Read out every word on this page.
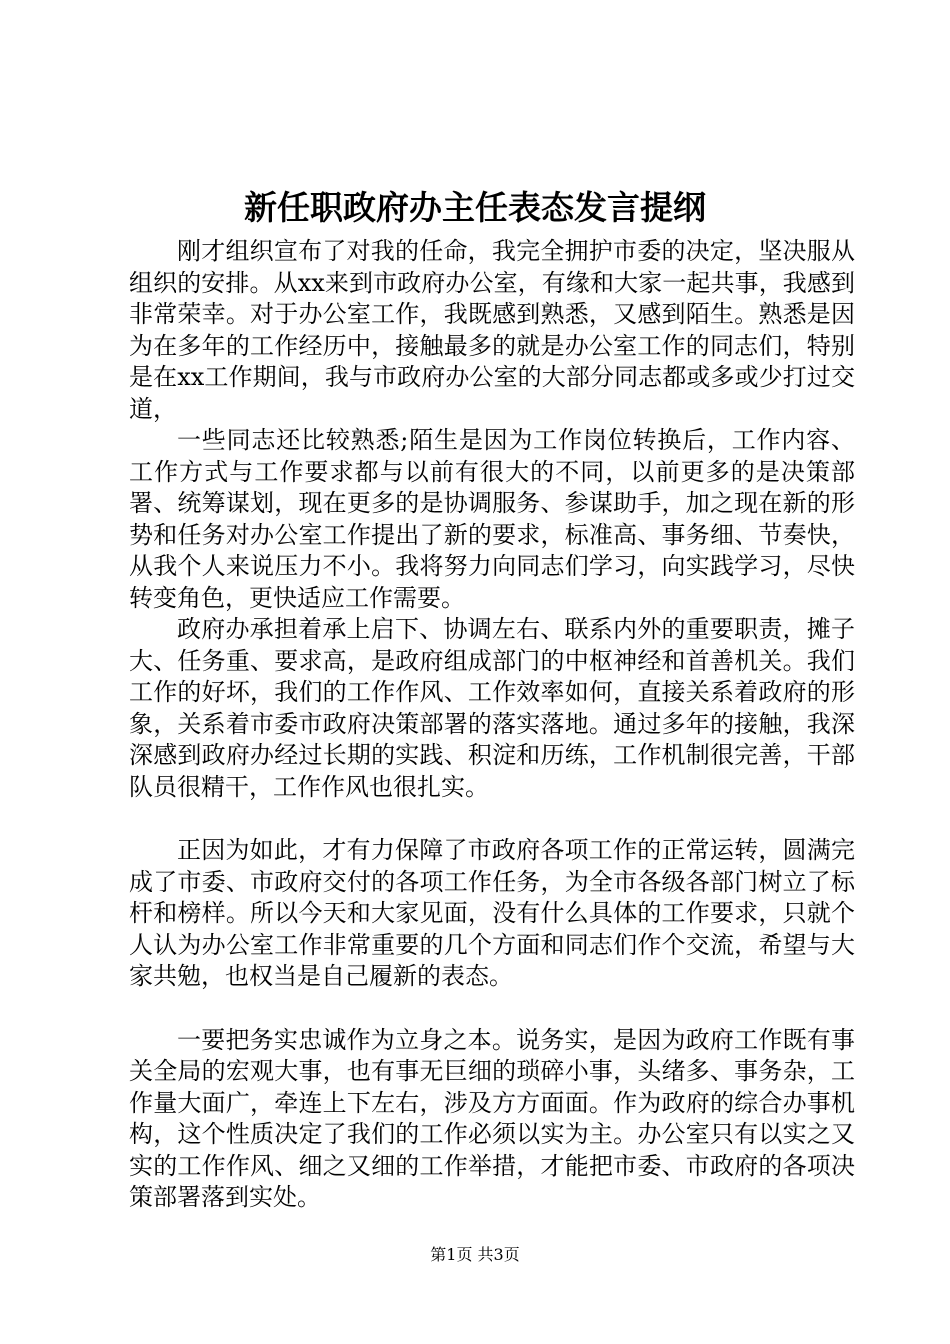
新任职政府办主任表态发言提纲

刚才组织宣布了对我的任命，我完全拥护市委的决定，坚决服从组织的安排。从xx来到市政府办公室，有缘和大家一起共事，我感到非常荣幸。对于办公室工作，我既感到熟悉，又感到陌生。熟悉是因为在多年的工作经历中，接触最多的就是办公室工作的同志们，特别是在xx工作期间，我与市政府办公室的大部分同志都或多或少打过交道，

一些同志还比较熟悉;陌生是因为工作岗位转换后，工作内容、工作方式与工作要求都与以前有很大的不同，以前更多的是决策部署、统筹谋划，现在更多的是协调服务、参谋助手，加之现在新的形势和任务对办公室工作提出了新的要求，标准高、事务细、节奏快，从我个人来说压力不小。我将努力向同志们学习，向实践学习，尽快转变角色，更快适应工作需要。

政府办承担着承上启下、协调左右、联系内外的重要职责，摊子大、任务重、要求高，是政府组成部门的中枢神经和首善机关。我们工作的好坏，我们的工作作风、工作效率如何，直接关系着政府的形象，关系着市委市政府决策部署的落实落地。通过多年的接触，我深深感到政府办经过长期的实践、积淀和历练，工作机制很完善，干部队员很精干，工作作风也很扎实。

正因为如此，才有力保障了市政府各项工作的正常运转，圆满完成了市委、市政府交付的各项工作任务，为全市各级各部门树立了标杆和榜样。所以今天和大家见面，没有什么具体的工作要求，只就个人认为办公室工作非常重要的几个方面和同志们作个交流，希望与大家共勉，也权当是自己履新的表态。

一要把务实忠诚作为立身之本。说务实，是因为政府工作既有事关全局的宏观大事，也有事无巨细的琐碎小事，头绪多、事务杂，工作量大面广，牵连上下左右，涉及方方面面。作为政府的综合办事机构，这个性质决定了我们的工作必须以实为主。办公室只有以实之又实的工作作风、细之又细的工作举措，才能把市委、市政府的各项决策部署落到实处。

第1页 共3页
